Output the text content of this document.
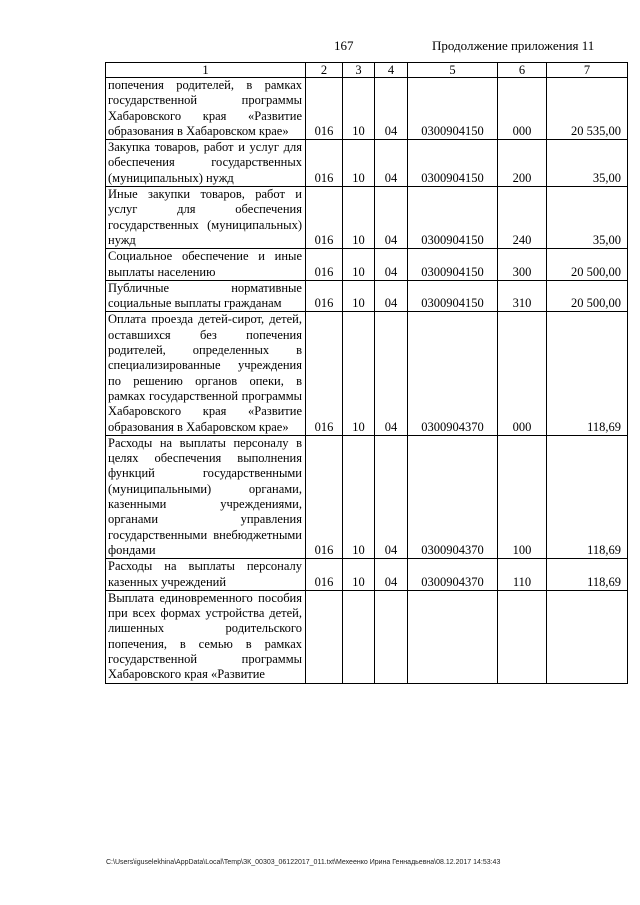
167	Продолжение приложения 11
1	2	3	4	5	6	7
попечения родителей, в рамках государственной программы Хабаровского края «Развитие образования в Хабаровском крае»	016	10	04	0300904150	000	20 535,00
Закупка товаров, работ и услуг для обеспечения государственных (муниципальных) нужд	016	10	04	0300904150	200	35,00
Иные закупки товаров, работ и услуг для обеспечения государственных (муниципальных) нужд	016	10	04	0300904150	240	35,00
Социальное обеспечение и иные выплаты населению	016	10	04	0300904150	300	20 500,00
Публичные нормативные социальные выплаты гражданам	016	10	04	0300904150	310	20 500,00
Оплата проезда детей-сирот, детей, оставшихся без попечения родителей, определенных в специализированные учреждения по решению органов опеки, в рамках государственной программы Хабаровского края «Развитие образования в Хабаровском крае»	016	10	04	0300904370	000	118,69
Расходы на выплаты персоналу в целях обеспечения выполнения функций государственными (муниципальными) органами, казенными учреждениями, органами управления государственными внебюджетными фондами	016	10	04	0300904370	100	118,69
Расходы на выплаты персоналу казенных учреждений	016	10	04	0300904370	110	118,69
Выплата единовременного пособия при всех формах устройства детей, лишенных родительского попечения, в семью в рамках государственной программы Хабаровского края «Развитие						
C:\Users\iguselekhina\AppData\Local\Temp\ЗК_00303_06122017_011.txt\Мехеенко Ирина Геннадьевна\08.12.2017 14:53:43
